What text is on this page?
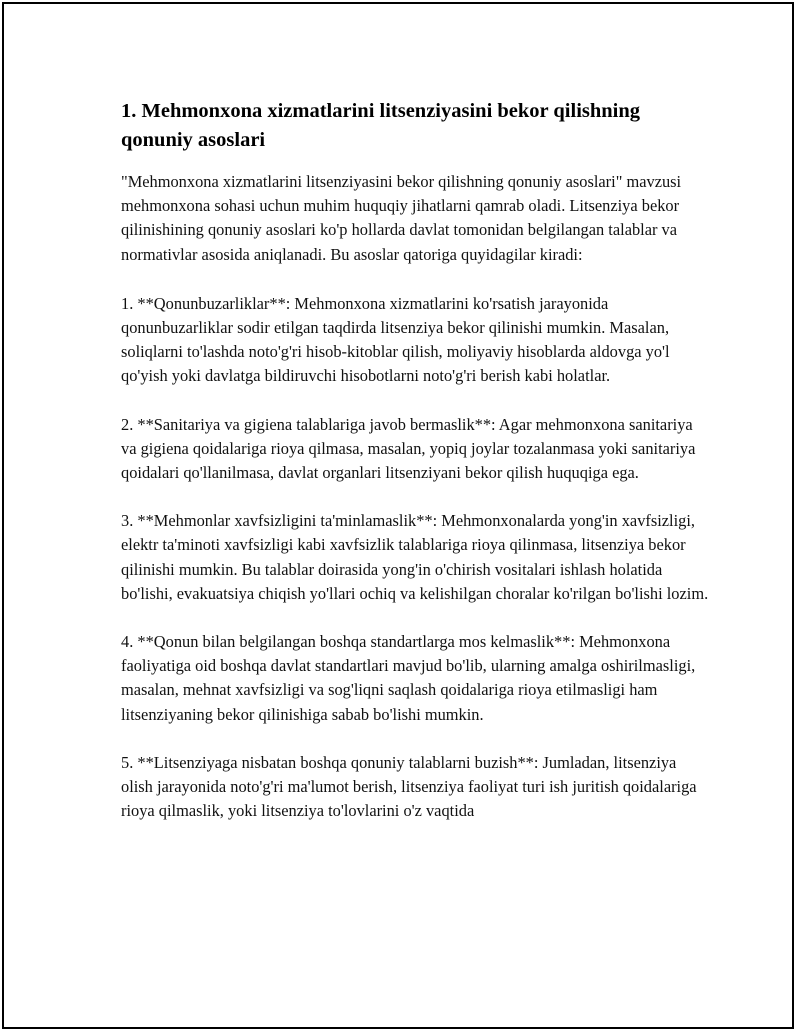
1. Mehmonxona xizmatlarini litsenziyasini bekor qilishning qonuniy asoslari

"Mehmonxona xizmatlarini litsenziyasini bekor qilishning qonuniy asoslari" mavzusi mehmonxona sohasi uchun muhim huquqiy jihatlarni qamrab oladi. Litsenziya bekor qilinishining qonuniy asoslari ko'p hollarda davlat tomonidan belgilangan talablar va normativlar asosida aniqlanadi. Bu asoslar qatoriga quyidagilar kiradi:

1. **Qonunbuzarliklar**: Mehmonxona xizmatlarini ko'rsatish jarayonida qonunbuzarliklar sodir etilgan taqdirda litsenziya bekor qilinishi mumkin. Masalan, soliqlarni to'lashda noto'g'ri hisob-kitoblar qilish, moliyaviy hisoblarda aldovga yo'l qo'yish yoki davlatga bildiruvchi hisobotlarni noto'g'ri berish kabi holatlar.

2. **Sanitariya va gigiena talablariga javob bermaslik**: Agar mehmonxona sanitariya va gigiena qoidalariga rioya qilmasa, masalan, yopiq joylar tozalanmasa yoki sanitariya qoidalari qo'llanilmasa, davlat organlari litsenziyani bekor qilish huquqiga ega.

3. **Mehmonlar xavfsizligini ta'minlamaslik**: Mehmonxonalarda yong'in xavfsizligi, elektr ta'minoti xavfsizligi kabi xavfsizlik talablariga rioya qilinmasa, litsenziya bekor qilinishi mumkin. Bu talablar doirasida yong'in o'chirish vositalari ishlash holatida bo'lishi, evakuatsiya chiqish yo'llari ochiq va kelishilgan choralar ko'rilgan bo'lishi lozim.

4. **Qonun bilan belgilangan boshqa standartlarga mos kelmaslik**: Mehmonxona faoliyatiga oid boshqa davlat standartlari mavjud bo'lib, ularning amalga oshirilmasligi, masalan, mehnat xavfsizligi va sog'liqni saqlash qoidalariga rioya etilmasligi ham litsenziyaning bekor qilinishiga sabab bo'lishi mumkin.

5. **Litsenziyaga nisbatan boshqa qonuniy talablarni buzish**: Jumladan, litsenziya olish jarayonida noto'g'ri ma'lumot berish, litsenziya faoliyat turi ish juritish qoidalariga rioya qilmaslik, yoki litsenziya to'lovlarini o'z vaqtida
